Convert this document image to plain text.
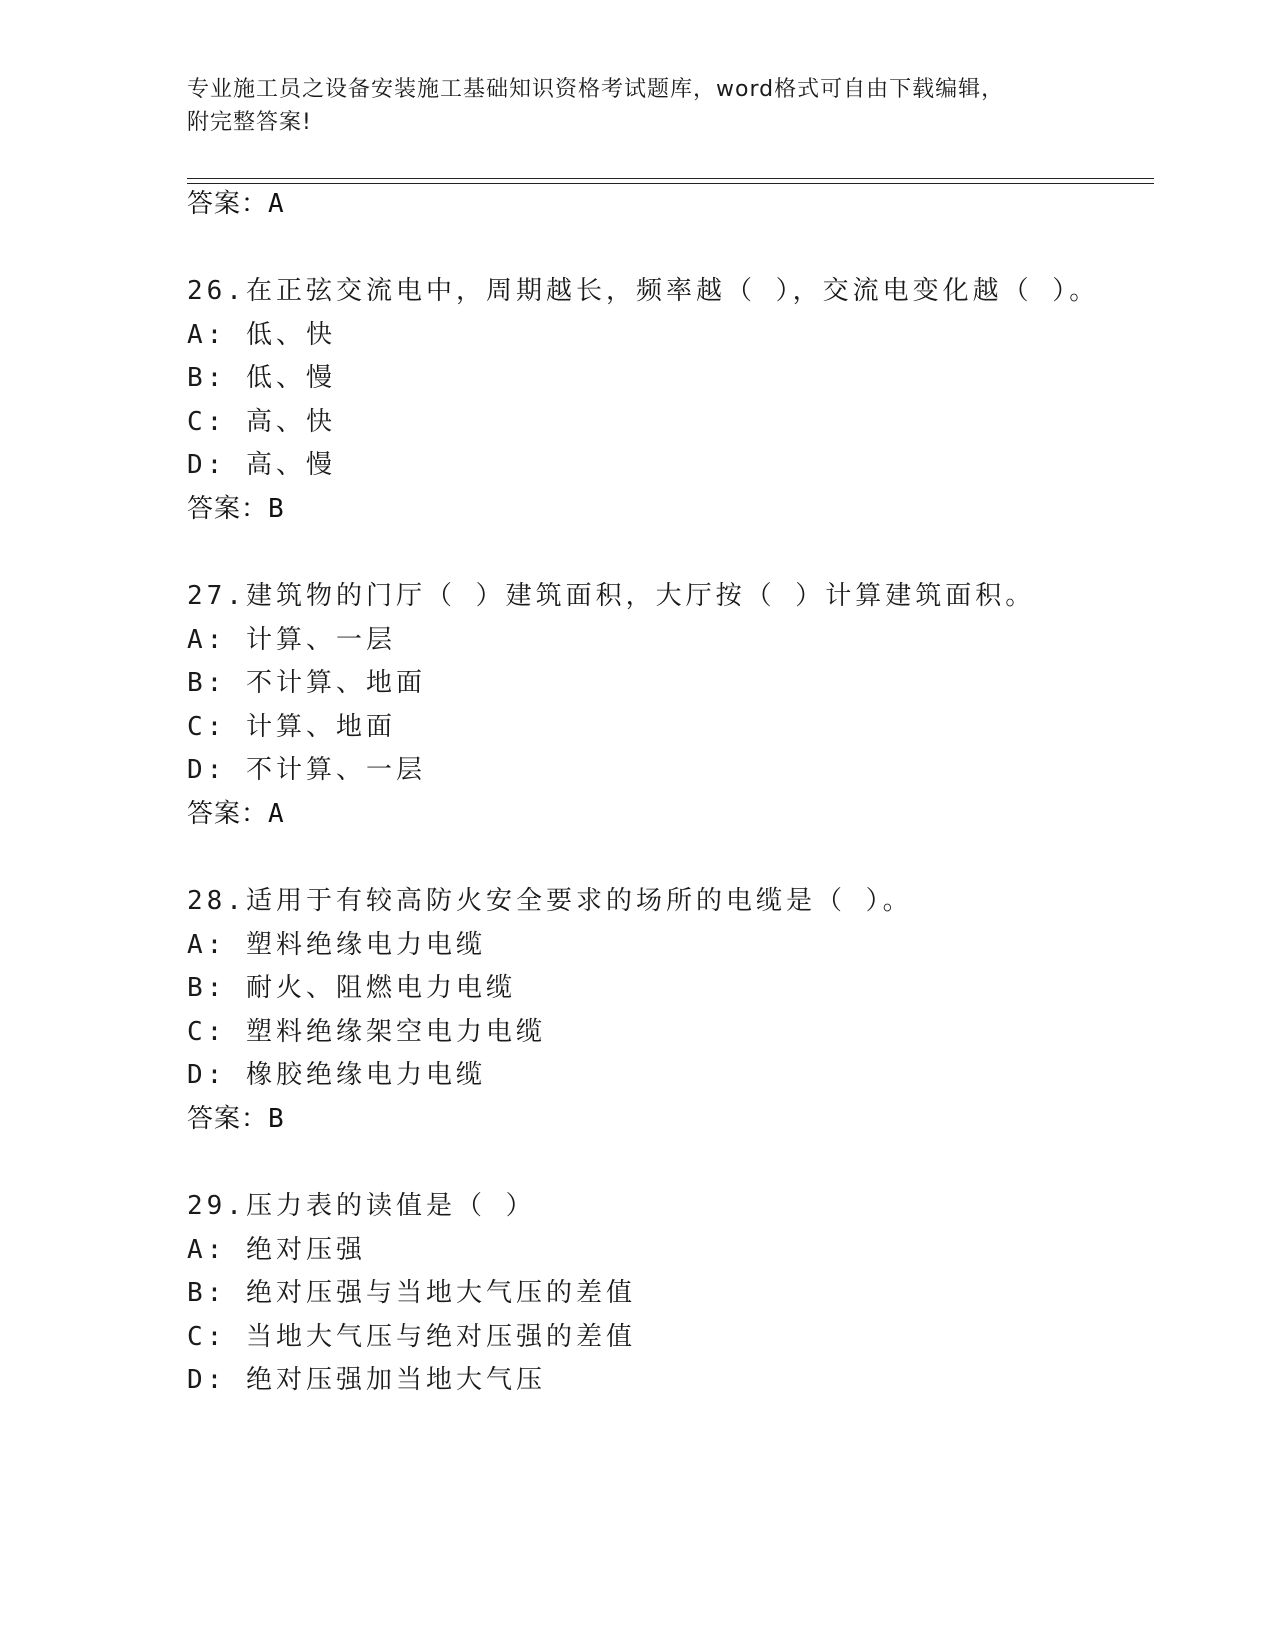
专业施工员之设备安装施工基础知识资格考试题库，word格式可自由下载编辑，
附完整答案!
答案：A
26.在正弦交流电中，周期越长，频率越（ ），交流电变化越（ ）。
A: 低、快
B: 低、慢
C: 高、快
D: 高、慢
答案：B
27.建筑物的门厅（ ）建筑面积，大厅按（ ）计算建筑面积。
A: 计算、一层
B: 不计算、地面
C: 计算、地面
D: 不计算、一层
答案：A
28.适用于有较高防火安全要求的场所的电缆是（ ）。
A: 塑料绝缘电力电缆
B: 耐火、阻燃电力电缆
C: 塑料绝缘架空电力电缆
D: 橡胶绝缘电力电缆
答案：B
29.压力表的读值是（ ）
A: 绝对压强
B: 绝对压强与当地大气压的差值
C: 当地大气压与绝对压强的差值
D: 绝对压强加当地大气压
